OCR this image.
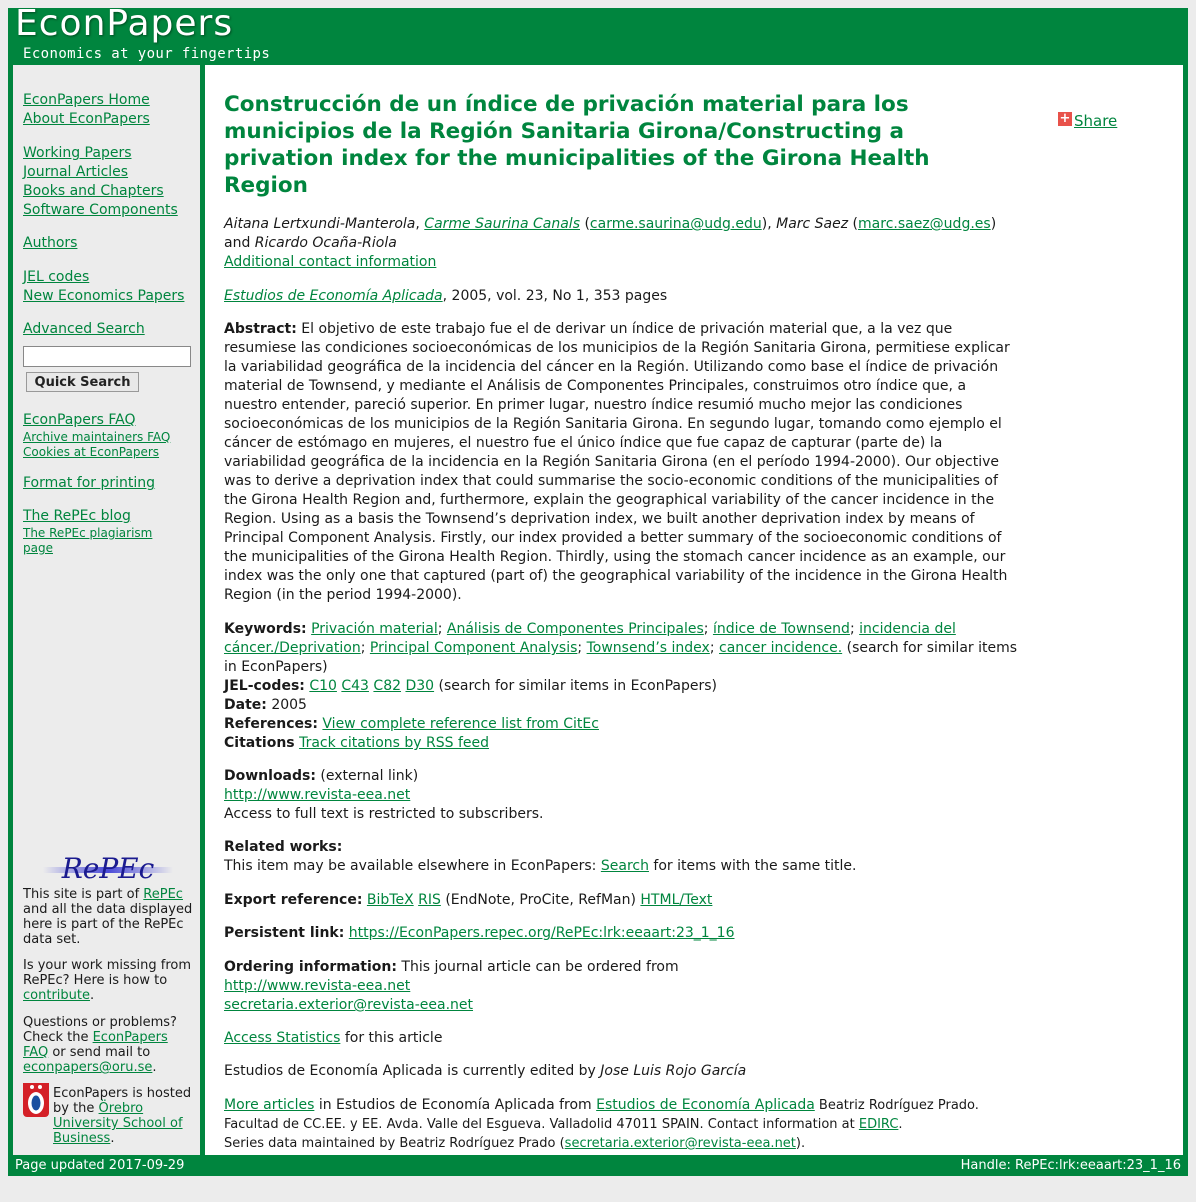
EconPapers
Economics at your fingertips
EconPapers Home
About EconPapers
Working Papers
Journal Articles
Books and Chapters
Software Components
Authors
JEL codes
New Economics Papers
Advanced Search
Quick Search
EconPapers FAQ
Archive maintainers FAQ
Cookies at EconPapers
Format for printing
The RePEc blog
The RePEc plagiarism page
RePEc
This site is part of RePEc and all the data displayed here is part of the RePEc data set.
Is your work missing from RePEc? Here is how to contribute.
Questions or problems? Check the EconPapers FAQ or send mail to econpapers@oru.se.
EconPapers is hosted by the Örebro University School of Business.
Construcción de un índice de privación material para los municipios de la Región Sanitaria Girona/Constructing a privation index for the municipalities of the Girona Health Region
+ Share
Aitana Lertxundi-Manterola, Carme Saurina Canals (carme.saurina@udg.edu), Marc Saez (marc.saez@udg.es) and Ricardo Ocaña-Riola
Additional contact information
Estudios de Economía Aplicada, 2005, vol. 23, No 1, 353 pages
Abstract: El objetivo de este trabajo fue el de derivar un índice de privación material que, a la vez que resumiese las condiciones socioeconómicas de los municipios de la Región Sanitaria Girona, permitiese explicar la variabilidad geográfica de la incidencia del cáncer en la Región. Utilizando como base el índice de privación material de Townsend, y mediante el Análisis de Componentes Principales, construimos otro índice que, a nuestro entender, pareció superior. En primer lugar, nuestro índice resumió mucho mejor las condiciones socioeconómicas de los municipios de la Región Sanitaria Girona. En segundo lugar, tomando como ejemplo el cáncer de estómago en mujeres, el nuestro fue el único índice que fue capaz de capturar (parte de) la variabilidad geográfica de la incidencia en la Región Sanitaria Girona (en el período 1994-2000). Our objective was to derive a deprivation index that could summarise the socio-economic conditions of the municipalities of the Girona Health Region and, furthermore, explain the geographical variability of the cancer incidence in the Region. Using as a basis the Townsend’s deprivation index, we built another deprivation index by means of Principal Component Analysis. Firstly, our index provided a better summary of the socioeconomic conditions of the municipalities of the Girona Health Region. Thirdly, using the stomach cancer incidence as an example, our index was the only one that captured (part of) the geographical variability of the incidence in the Girona Health Region (in the period 1994-2000).
Keywords: Privación material; Análisis de Componentes Principales; índice de Townsend; incidencia del cáncer./Deprivation; Principal Component Analysis; Townsend’s index; cancer incidence. (search for similar items in EconPapers)
JEL-codes: C10 C43 C82 D30 (search for similar items in EconPapers)
Date: 2005
References: View complete reference list from CitEc
Citations Track citations by RSS feed
Downloads: (external link)
http://www.revista-eea.net
Access to full text is restricted to subscribers.
Related works:
This item may be available elsewhere in EconPapers: Search for items with the same title.
Export reference: BibTeX RIS (EndNote, ProCite, RefMan) HTML/Text
Persistent link: https://EconPapers.repec.org/RePEc:lrk:eeaart:23_1_16
Ordering information: This journal article can be ordered from
http://www.revista-eea.net
secretaria.exterior@revista-eea.net
Access Statistics for this article
Estudios de Economía Aplicada is currently edited by Jose Luis Rojo García
More articles in Estudios de Economía Aplicada from Estudios de Economía Aplicada Beatriz Rodríguez Prado. Facultad de CC.EE. y EE. Avda. Valle del Esgueva. Valladolid 47011 SPAIN. Contact information at EDIRC.
Series data maintained by Beatriz Rodríguez Prado (secretaria.exterior@revista-eea.net).
Page updated 2017-09-29	Handle: RePEc:lrk:eeaart:23_1_16
